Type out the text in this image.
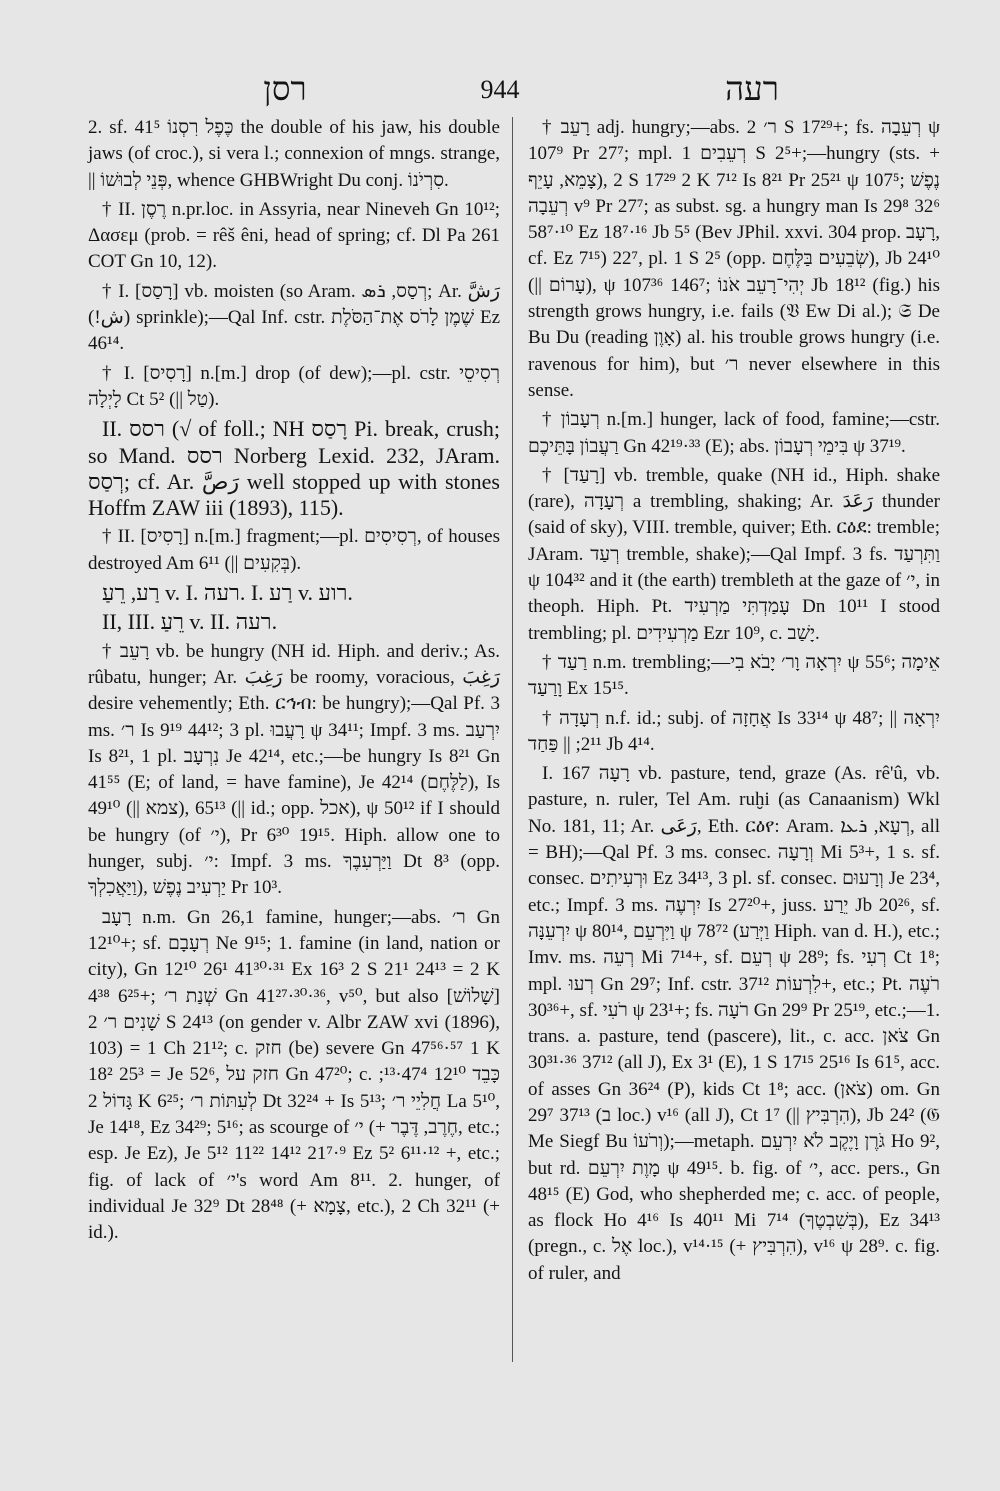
רסן	944	רעה

2. sf. כֶּפֶל רִסְנוֹ 41⁵ the double of his jaw, his double jaws (of croc.), si vera l.; connexion of mngs. strange, || פְּנֵי לְבוּשׁוֹ, whence GHBWright Du conj. סִרְיֹנוֹ.

† II. רֶסֶן n.pr.loc. in Assyria, near Nineveh Gn 10¹²; Δασεμ (prob. = rêš êni, head of spring; cf. Dl Pa 261 COT Gn 10, 12).

† I. [רָסַס] vb. moisten (so Aram. רְסַס, ܪܣ; Ar. رَشَّ (ش!) sprinkle);—Qal Inf. cstr. שֶׁמֶן לָרֹס אֶת־הַסֹּלֶת Ez 46¹⁴.

† I. [רָסִיס] n.[m.] drop (of dew);—pl. cstr. רְסִיסֵי לָיְלָה Ct 5² (|| טַל).

II. רסס (√ of foll.; NH רָסַס Pi. break, crush; so Mand. רסס Norberg Lexid. 232, JAram. רְסַס; cf. Ar. رَصَّ well stopped up with stones Hoffm ZAW iii (1893), 115).

† II. [רָסִיס] n.[m.] fragment;—pl. רְסִיסִים, of houses destroyed Am 6¹¹ (|| בְּקִעִים).

רַע, רֵעַ v. I. רעה. I. רַע v. רוע.

II, III. רֵעַ v. II. רעה.

† רָעֵב vb. be hungry (NH id. Hiph. and deriv.; As. rûbatu, hunger; Ar. رَغِبَ be roomy, voracious, رَغِبَ desire vehemently; Eth. ርኅብ: be hungry);—Qal Pf. 3 ms. ר׳ Is 9¹⁹ 44¹²; 3 pl. רָעֲבוּ ψ 34¹¹; Impf. 3 ms. יִרְעַב Is 8²¹, 1 pl. נִרְעָב Je 42¹⁴, etc.;—be hungry Is 8²¹ Gn 41⁵⁵ (E; of land, = have famine), Je 42¹⁴ (לַלֶּחֶם), Is 49¹⁰ (|| צמא), 65¹³ (|| id.; opp. אכל), ψ 50¹² if I should be hungry (of י׳), Pr 6³⁰ 19¹⁵. Hiph. allow one to hunger, subj. י׳: Impf. 3 ms. וַיַּרְעִבֶךָ Dt 8³ (opp. וַיַּאֲכִלְךָ), יַרְעִיב נֶפֶשׁ Pr 10³.

רָעָב n.m. Gn 26,1 famine, hunger;—abs. ר׳ Gn 12¹⁰+; sf. רְעָבָם Ne 9¹⁵; 1. famine (in land, nation or city), Gn 12¹⁰ 26¹ 41³⁰·³¹ Ex 16³ 2 S 21¹ 24¹³ = 2 K 4³⁸ 6²⁵+; שְׁנַת ר׳ Gn 41²⁷·³⁰·³⁶, v⁵⁰, but also [שָׁלוֹשׁ] שָׁנִים ר׳ 2 S 24¹³ (on gender v. Albr ZAW xvi (1896), 103) = 1 Ch 21¹²; c. חזק (be) severe Gn 47⁵⁶·⁵⁷ 1 K 18² 25³ = Je 52⁶, חזק על Gn 47²⁰; c. כָּבֵד 12¹⁰ 47⁴·¹³; גָּדוֹל 2 K 6²⁵; לְעִתּוֹת ר׳ Dt 32²⁴ + Is 5¹³; חֲלִיֵי ר׳ La 5¹⁰, Je 14¹⁸, Ez 34²⁹; 5¹⁶; as scourge of י׳ (+ חֶרֶב, דֶּבֶר, etc.; esp. Je Ez), Je 5¹² 11²² 14¹² 21⁷·⁹ Ez 5² 6¹¹·¹² +, etc.; fig. of lack of י׳'s word Am 8¹¹. 2. hunger, of individual Je 32⁹ Dt 28⁴⁸ (+ צָמָא, etc.), 2 Ch 32¹¹ (+ id.).

† רָעֵב adj. hungry;—abs. ר׳ 2 S 17²⁹+; fs. רְעֵבָה ψ 107⁹ Pr 27⁷; mpl. רְעֵבִים 1 S 2⁵+;—hungry (sts. + צָמֵא, עָיֵף), 2 S 17²⁹ 2 K 7¹² Is 8²¹ Pr 25²¹ ψ 107⁵; נֶפֶשׁ רְעֵבָה v⁹ Pr 27⁷; as subst. sg. a hungry man Is 29⁸ 32⁶ 58⁷·¹⁰ Ez 18⁷·¹⁶ Jb 5⁵ (Bev JPhil. xxvi. 304 prop. רָעָב, cf. Ez 7¹⁵) 22⁷, pl. 1 S 2⁵ (opp. שְׂבֵעִים בַּלֶּחֶם), Jb 24¹⁰ (|| עָרוֹם), ψ 107³⁶ 146⁷; יְהִי־רָעֵב אֹנוֹ Jb 18¹² (fig.) his strength grows hungry, i.e. fails (𝔙 Ew Di al.); 𝔖 De Bu Du (reading אָוֶן) al. his trouble grows hungry (i.e. ravenous for him), but ר׳ never elsewhere in this sense.

† רְעָבוֹן n.[m.] hunger, lack of food, famine;—cstr. רַעֲבוֹן בָּתֵּיכֶם Gn 42¹⁹·³³ (E); abs. בִּימֵי רְעָבוֹן ψ 37¹⁹.

† [רָעַד] vb. tremble, quake (NH id., Hiph. shake (rare), רְעָדָה a trembling, shaking; Ar. رَعَدَ thunder (said of sky), VIII. tremble, quiver; Eth. ርዕደ: tremble; JAram. רְעַד tremble, shake);—Qal Impf. 3 fs. וַתִּרְעַד ψ 104³² and it (the earth) trembleth at the gaze of י׳, in theoph. Hiph. Pt. עָמַדְתִּי מַרְעִיד Dn 10¹¹ I stood trembling; pl. מַרְעִידִים Ezr 10⁹, c. יָשַׁב.

† רַעַד n.m. trembling;—יִרְאָה וָר׳ יָבֹא בִי ψ 55⁶; אֵימָה וָרַעַד Ex 15¹⁵.

† רְעָדָה n.f. id.; subj. of אֲחָזָה Is 33¹⁴ ψ 48⁷; || יִרְאָה 2¹¹; || פַּחַד Jb 4¹⁴.

I. רָעָה 167 vb. pasture, tend, graze (As. rê'û, vb. pasture, n. ruler, Tel Am. ruḫi (as Canaanism) Wkl No. 181, 11; Ar. رَعَى, Eth. ርዕየ: Aram. רְעָא, ܪܥܐ, all = BH);—Qal Pf. 3 ms. consec. וְרָעָה Mi 5³+, 1 s. sf. consec. וּרְעִיתִים Ez 34¹³, 3 pl. sf. consec. וְרָעוּם Je 23⁴, etc.; Impf. 3 ms. יִרְעֶה Is 27²⁰+, juss. יֵרַע Jb 20²⁶, sf. יִרְעֵנָּה ψ 80¹⁴, וַיִּרְעֵם ψ 78⁷² (וַיְּרַע Hiph. van d. H.), etc.; Imv. ms. רְעֵה Mi 7¹⁴+, sf. רְעֵם ψ 28⁹; fs. רְעִי Ct 1⁸; mpl. רְעוּ Gn 29⁷; Inf. cstr. לִרְעוֹת 37¹²+, etc.; Pt. רֹעֶה 30³⁶+, sf. רֹעִי ψ 23¹+; fs. רֹעָה Gn 29⁹ Pr 25¹⁹, etc.;—1. trans. a. pasture, tend (pascere), lit., c. acc. צֹאן Gn 30³¹·³⁶ 37¹² (all J), Ex 3¹ (E), 1 S 17¹⁵ 25¹⁶ Is 61⁵, acc. of asses Gn 36²⁴ (P), kids Ct 1⁸; acc. (צֹאן) om. Gn 29⁷ 37¹³ (ב loc.) v¹⁶ (all J), Ct 1⁷ (|| הִרְבִּיץ), Jb 24² (𝔊 Me Siegf Bu וְרֹעוֹ);—metaph. גֹּרֶן וָיֶקֶב לֹא יִרְעֵם Ho 9², but rd. מָוֶת יִרְעֵם ψ 49¹⁵. b. fig. of י׳, acc. pers., Gn 48¹⁵ (E) God, who shepherded me; c. acc. of people, as flock Ho 4¹⁶ Is 40¹¹ Mi 7¹⁴ (בְּשִׁבְטֶךָ), Ez 34¹³ (pregn., c. אֶל loc.), v¹⁴·¹⁵ (+ הִרְבִּיץ), v¹⁶ ψ 28⁹. c. fig. of ruler, and
